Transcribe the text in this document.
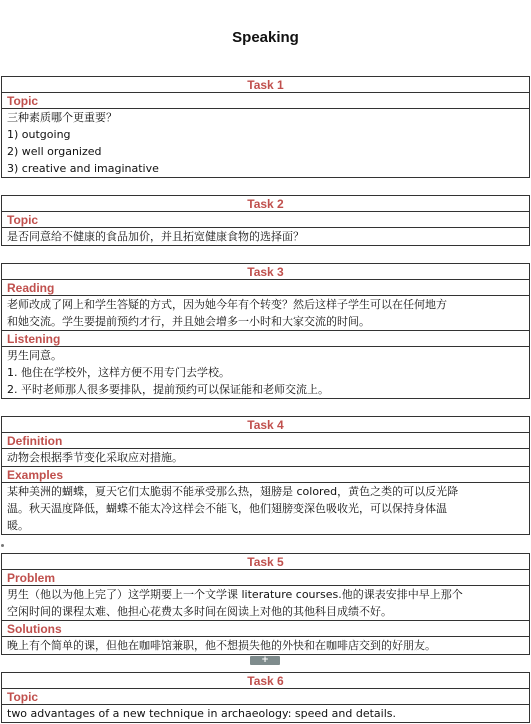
Speaking
Task 1
Topic
三种素质哪个更重要？
1) outgoing
2) well organized
3) creative and imaginative
Task 2
Topic
是否同意给不健康的食品加价，并且拓宽健康食物的选择面？
Task 3
Reading
老师改成了网上和学生答疑的方式，因为她今年有个转变？然后这样子学生可以在任何地方
和她交流。学生要提前预约才行，并且她会增多一小时和大家交流的时间。
Listening
男生同意。
1. 他住在学校外，这样方便不用专门去学校。
2. 平时老师那人很多要排队，提前预约可以保证能和老师交流上。
Task 4
Definition
动物会根据季节变化采取应对措施。
Examples
某种美洲的蝴蝶，夏天它们太脆弱不能承受那么热，翅膀是 colored，黄色之类的可以反光降
温。秋天温度降低，蝴蝶不能太冷这样会不能飞，他们翅膀变深色吸收光，可以保持身体温
暖。
Task 5
Problem
男生（他以为他上完了）这学期要上一个文学课 literature courses.他的课表安排中早上那个
空闲时间的课程太难、他担心花费太多时间在阅读上对他的其他科目成绩不好。
Solutions
晚上有个简单的课，但他在咖啡馆兼职，他不想损失他的外快和在咖啡店交到的好朋友。
+
Task 6
Topic
two advantages of a new technique in archaeology: speed and details.
